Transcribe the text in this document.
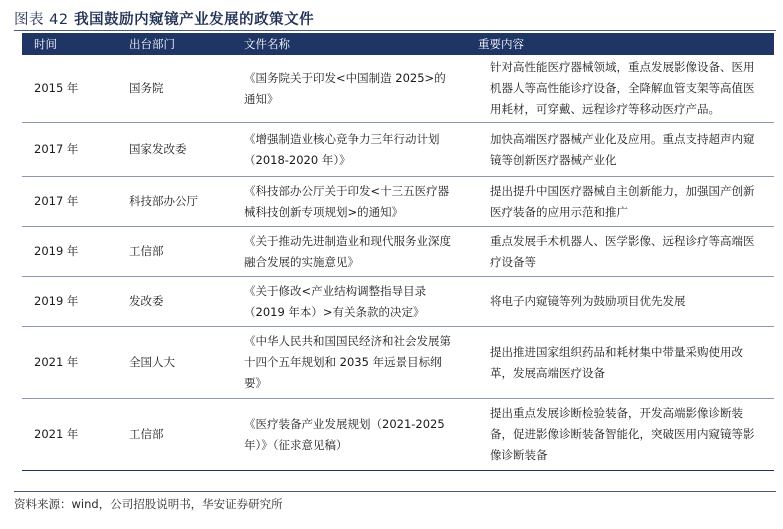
图表 42 我国鼓励内窥镜产业发展的政策文件
时间	出台部门	文件名称	重要内容
2015 年	国务院	《国务院关于印发<中国制造 2025>的通知》	针对高性能医疗器械领域，重点发展影像设备、医用机器人等高性能诊疗设备，全降解血管支架等高值医用耗材，可穿戴、远程诊疗等移动医疗产品。
2017 年	国家发改委	《增强制造业核心竞争力三年行动计划（2018-2020 年）》	加快高端医疗器械产业化及应用。重点支持超声内窥镜等创新医疗器械产业化
2017 年	科技部办公厅	《科技部办公厅关于印发<十三五医疗器械科技创新专项规划>的通知》	提出提升中国医疗器械自主创新能力，加强国产创新医疗装备的应用示范和推广
2019 年	工信部	《关于推动先进制造业和现代服务业深度融合发展的实施意见》	重点发展手术机器人、医学影像、远程诊疗等高端医疗设备等
2019 年	发改委	《关于修改<产业结构调整指导目录（2019 年本）>有关条款的决定》	将电子内窥镜等列为鼓励项目优先发展
2021 年	全国人大	《中华人民共和国国民经济和社会发展第十四个五年规划和 2035 年远景目标纲要》	提出推进国家组织药品和耗材集中带量采购使用改革，发展高端医疗设备
2021 年	工信部	《医疗装备产业发展规划（2021-2025 年）》（征求意见稿）	提出重点发展诊断检验装备，开发高端影像诊断装备，促进影像诊断装备智能化，突破医用内窥镜等影像诊断装备
资料来源：wind，公司招股说明书，华安证券研究所
